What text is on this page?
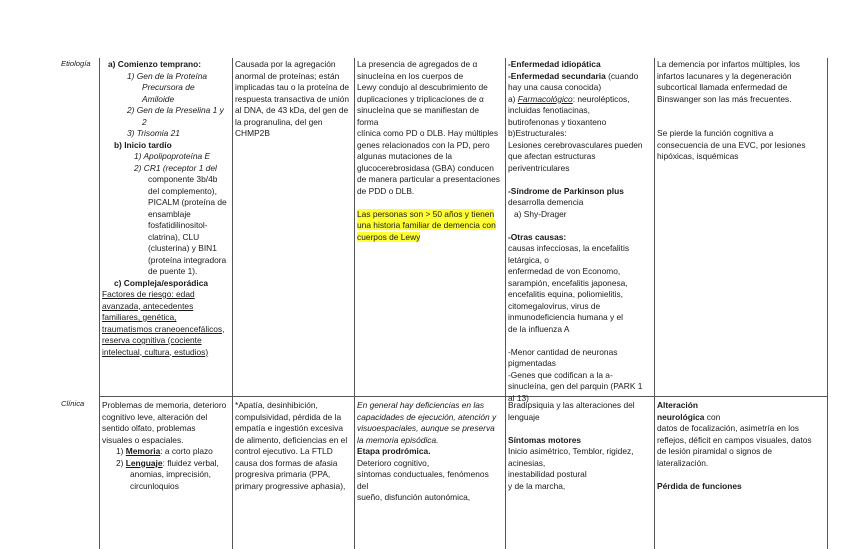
Etiología
Clínica

a) Comienzo temprano:

1) Gen de la Proteína

Precursora de Amiloide

2) Gen de la Preselina 1 y

2

3) Trisomia 21

b) Inicio tardío

1) Apolipoproteína E

2) CR1 (receptor 1 del

componente 3b/4b

del complemento),

PICALM (proteína de

ensamblaje

fosfatidilinositol-

clatrina), CLU

(clusterina) y BIN1

(proteína integradora

de puente 1).

c) Compleja/esporádica

Factores de riesgo: edad

avanzada, antecedentes

familiares, genética,

traumatismos craneoencefálicos,

reserva cognitiva (cociente

intelectual, cultura, estudios)

Causada por la agregación

anormal de proteínas; están

implicadas tau o la proteína de

respuesta transactiva de unión

al DNA, de 43 kDa, del gen de

la progranulina, del gen

CHMP2B

La presencia de agregados de α

sinucleína en los cuerpos de

Lewy condujo al descubrimiento de

duplicaciones y triplicaciones de α

sinucleína que se manifiestan de forma

clínica como PD o DLB. Hay múltiples

genes relacionados con la PD, pero

algunas mutaciones de la

glucocerebrosidasa (GBA) conducen

de manera particular a presentaciones

de PDD o DLB.

Las personas son > 50 años y tienen

una historia familiar de demencia con

cuerpos de Lewy

-Enfermedad idiopática

-Enfermedad secundaria (cuando

hay una causa conocida)

a) Farmacológico: neurolépticos,

incluidas fenotiacinas,

butirofenonas y tioxanteno

b)Estructurales:

Lesiones cerebrovasculares pueden

que afectan estructuras

periventriculares

-Síndrome de Parkinson plus

desarrolla demencia

a) Shy-Drager

-Otras causas:

causas infecciosas, la encefalitis

letárgica, o

enfermedad de von Economo,

sarampión, encefalitis japonesa,

encefalitis equina, poliomielitis,

citomegalovirus, virus de

inmunodeficiencia humana y el

de la influenza A

-Menor cantidad de neuronas

pigmentadas

-Genes que codifican a la a-

sinucleína, gen del parquin (PARK 1

al 13)

La demencia por infartos múltiples, los

infartos lacunares y la degeneración

subcortical llamada enfermedad de

Binswanger son las más frecuentes.

Se pierde la función cognitiva a

consecuencia de una EVC, por lesiones

hipóxicas, isquémicas

Problemas de memoria, deterioro

cognitivo leve, alteración del

sentido olfato, problemas

visuales o espaciales.

1) Memoria: a corto plazo

2) Lenguaje: fluidez verbal,

anomias, imprecisión,

circunloquios

*Apatía, desinhibición,

compulsividad, pérdida de la

empatía e ingestión excesiva

de alimento, deficiencias en el

control ejecutivo. La FTLD

causa dos formas de afasia

progresiva primaria (PPA,

primary progressive aphasia),

En general hay deficiencias en las

capacidades de ejecución, atención y

visuoespaciales, aunque se preserva

la memoria episódica.

Etapa prodrómica.

Deterioro cognitivo,

síntomas conductuales, fenómenos del

sueño, disfunción autonómica,

Bradipsiquia y las alteraciones del

lenguaje

Síntomas motores

Inicio asimétrico, Temblor, rigidez,

acinesias,

inestabilidad postural

y de la marcha,

Alteración

neurológica con

datos de focalización, asimetría en los

reflejos, déficit en campos visuales, datos

de lesión piramidal o signos de

lateralización.

Pérdida de funciones
